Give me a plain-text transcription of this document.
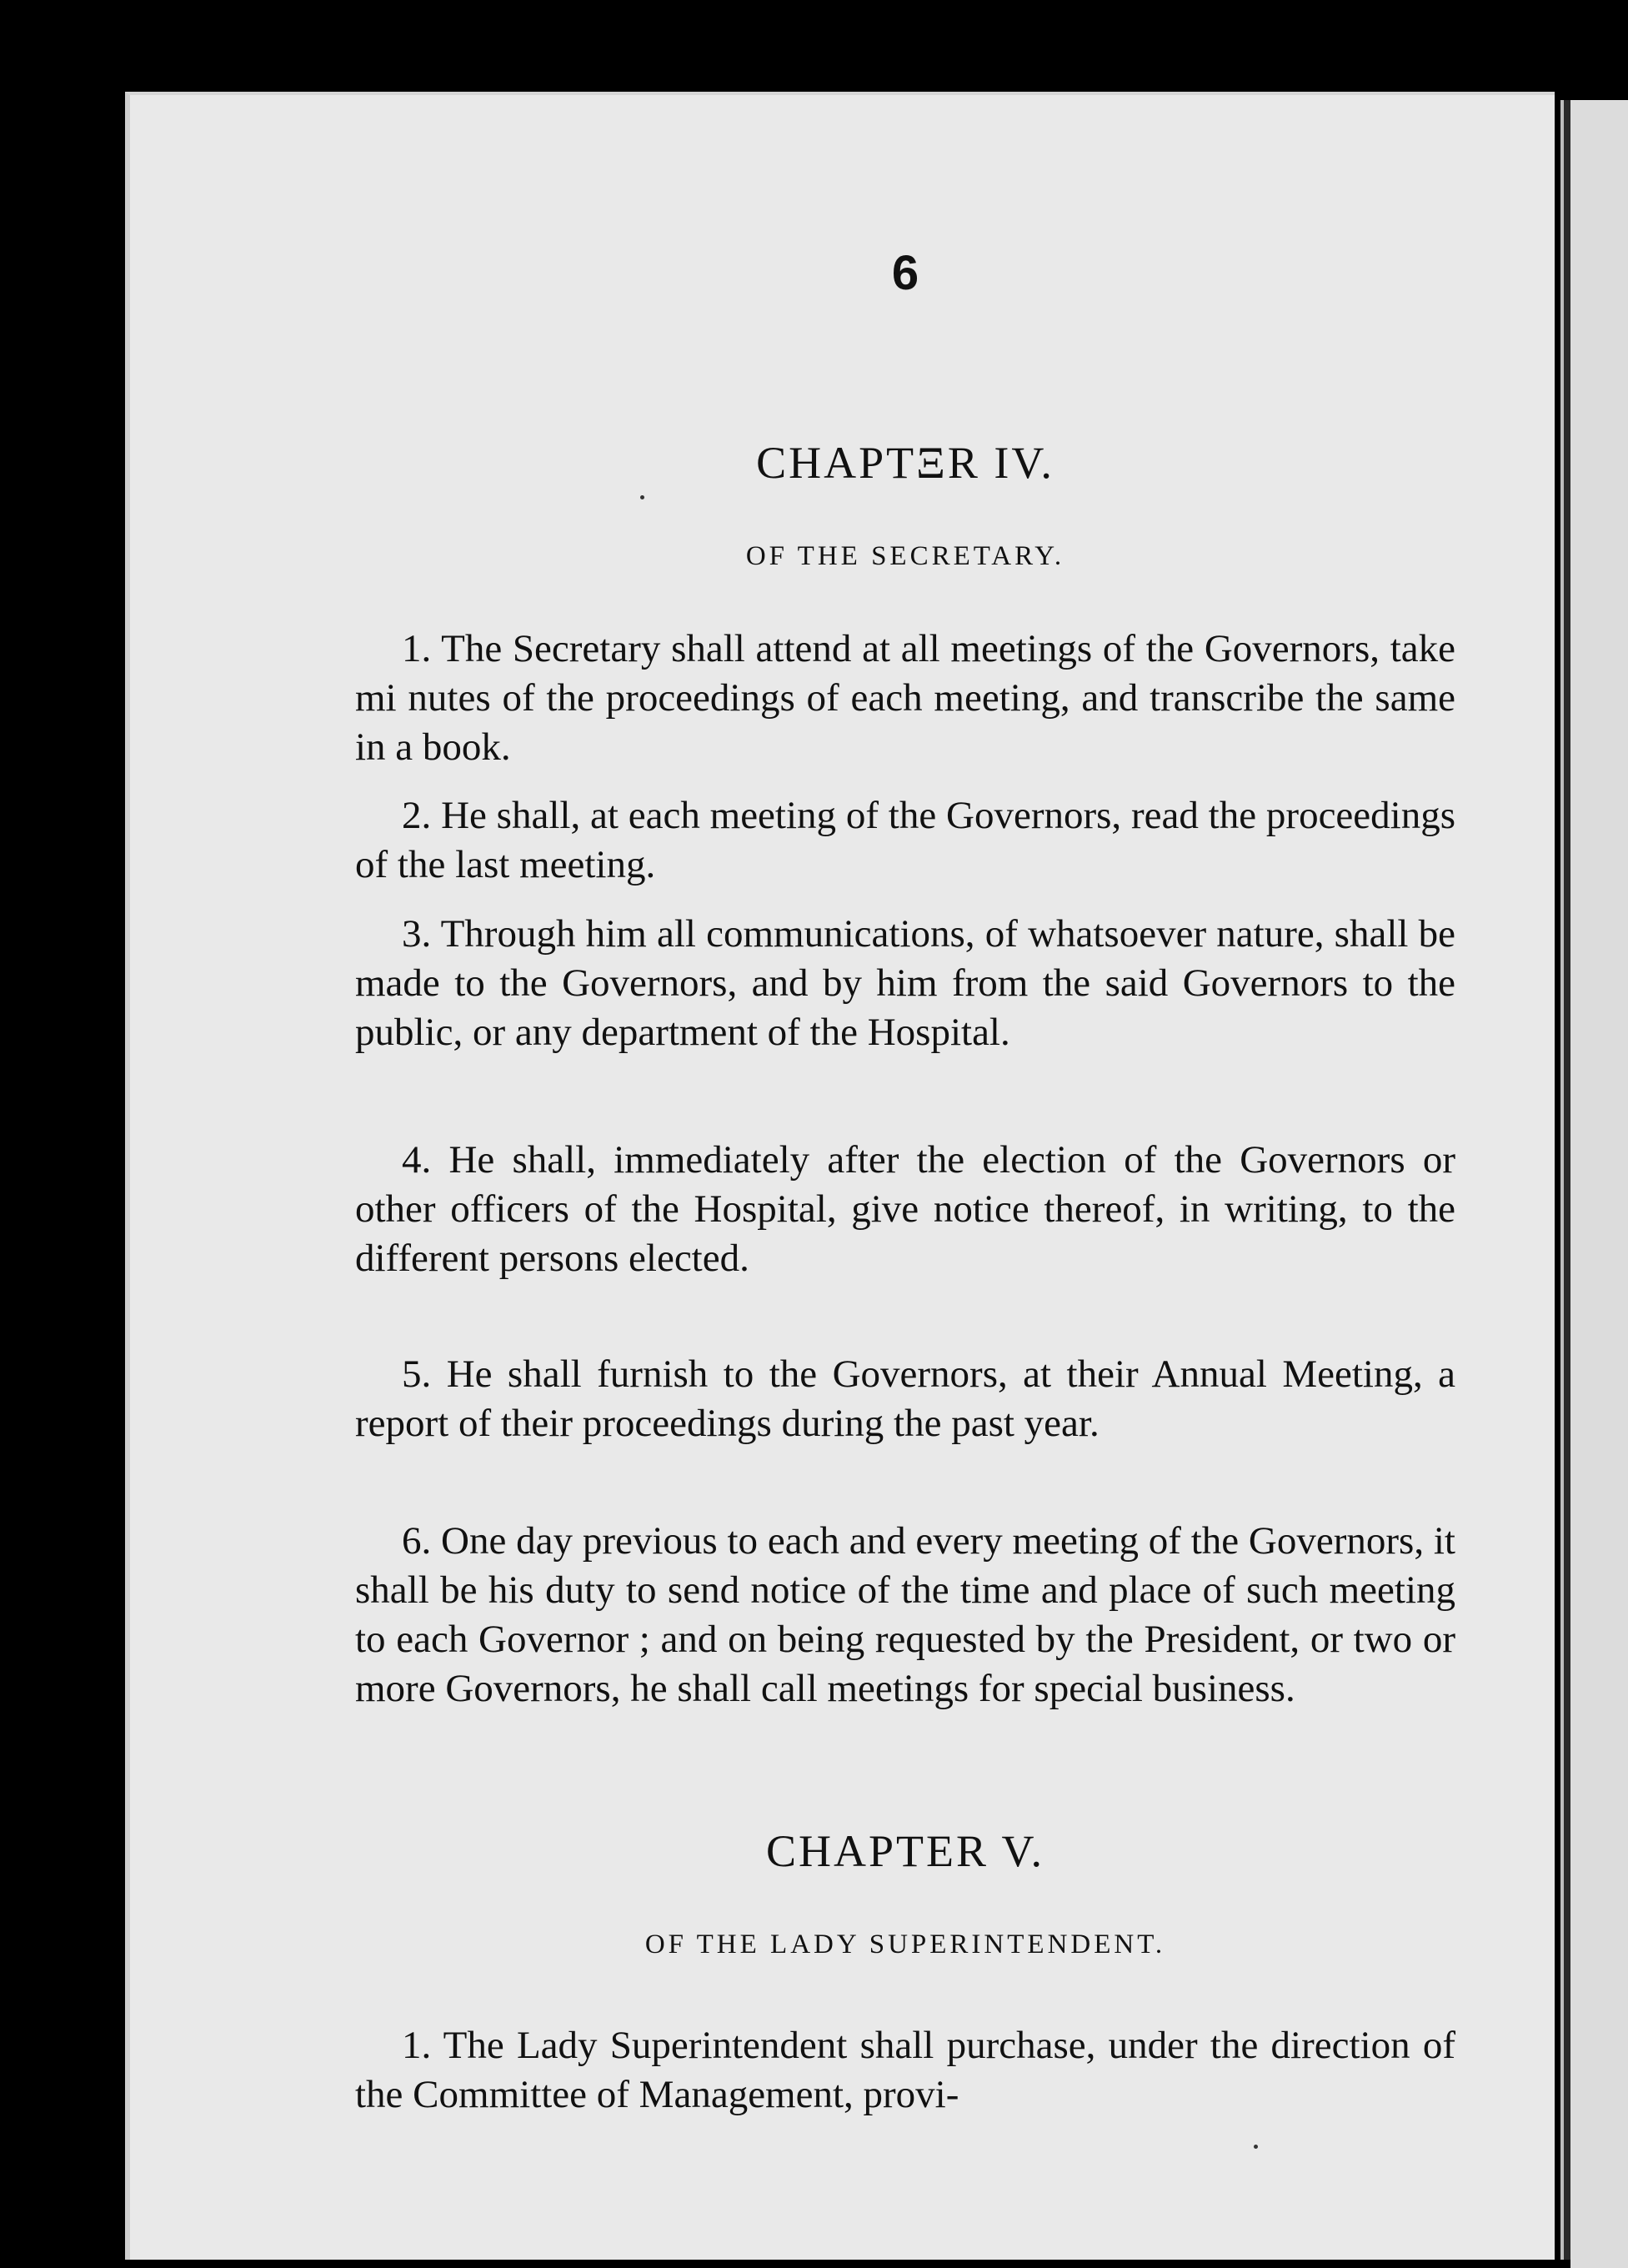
6
CHAPTΞR IV.
OF THE SECRETARY.
1. The Secretary shall attend at all meetings of the Governors, take mi nutes of the proceedings of each meeting, and transcribe the same in a book.
2. He shall, at each meeting of the Governors, read the proceedings of the last meeting.
3. Through him all communications, of whatsoever nature, shall be made to the Governors, and by him from the said Governors to the public, or any department of the Hospital.
4. He shall, immediately after the election of the Governors or other officers of the Hospital, give notice thereof, in writing, to the different persons elected.
5. He shall furnish to the Governors, at their Annual Meeting, a report of their proceedings during the past year.
6. One day previous to each and every meeting of the Governors, it shall be his duty to send notice of the time and place of such meeting to each Governor ; and on being requested by the President, or two or more Governors, he shall call meetings for special business.
CHAPTER V.
OF THE LADY SUPERINTENDENT.
1. The Lady Superintendent shall purchase, under the direction of the Committee of Management, provi-
